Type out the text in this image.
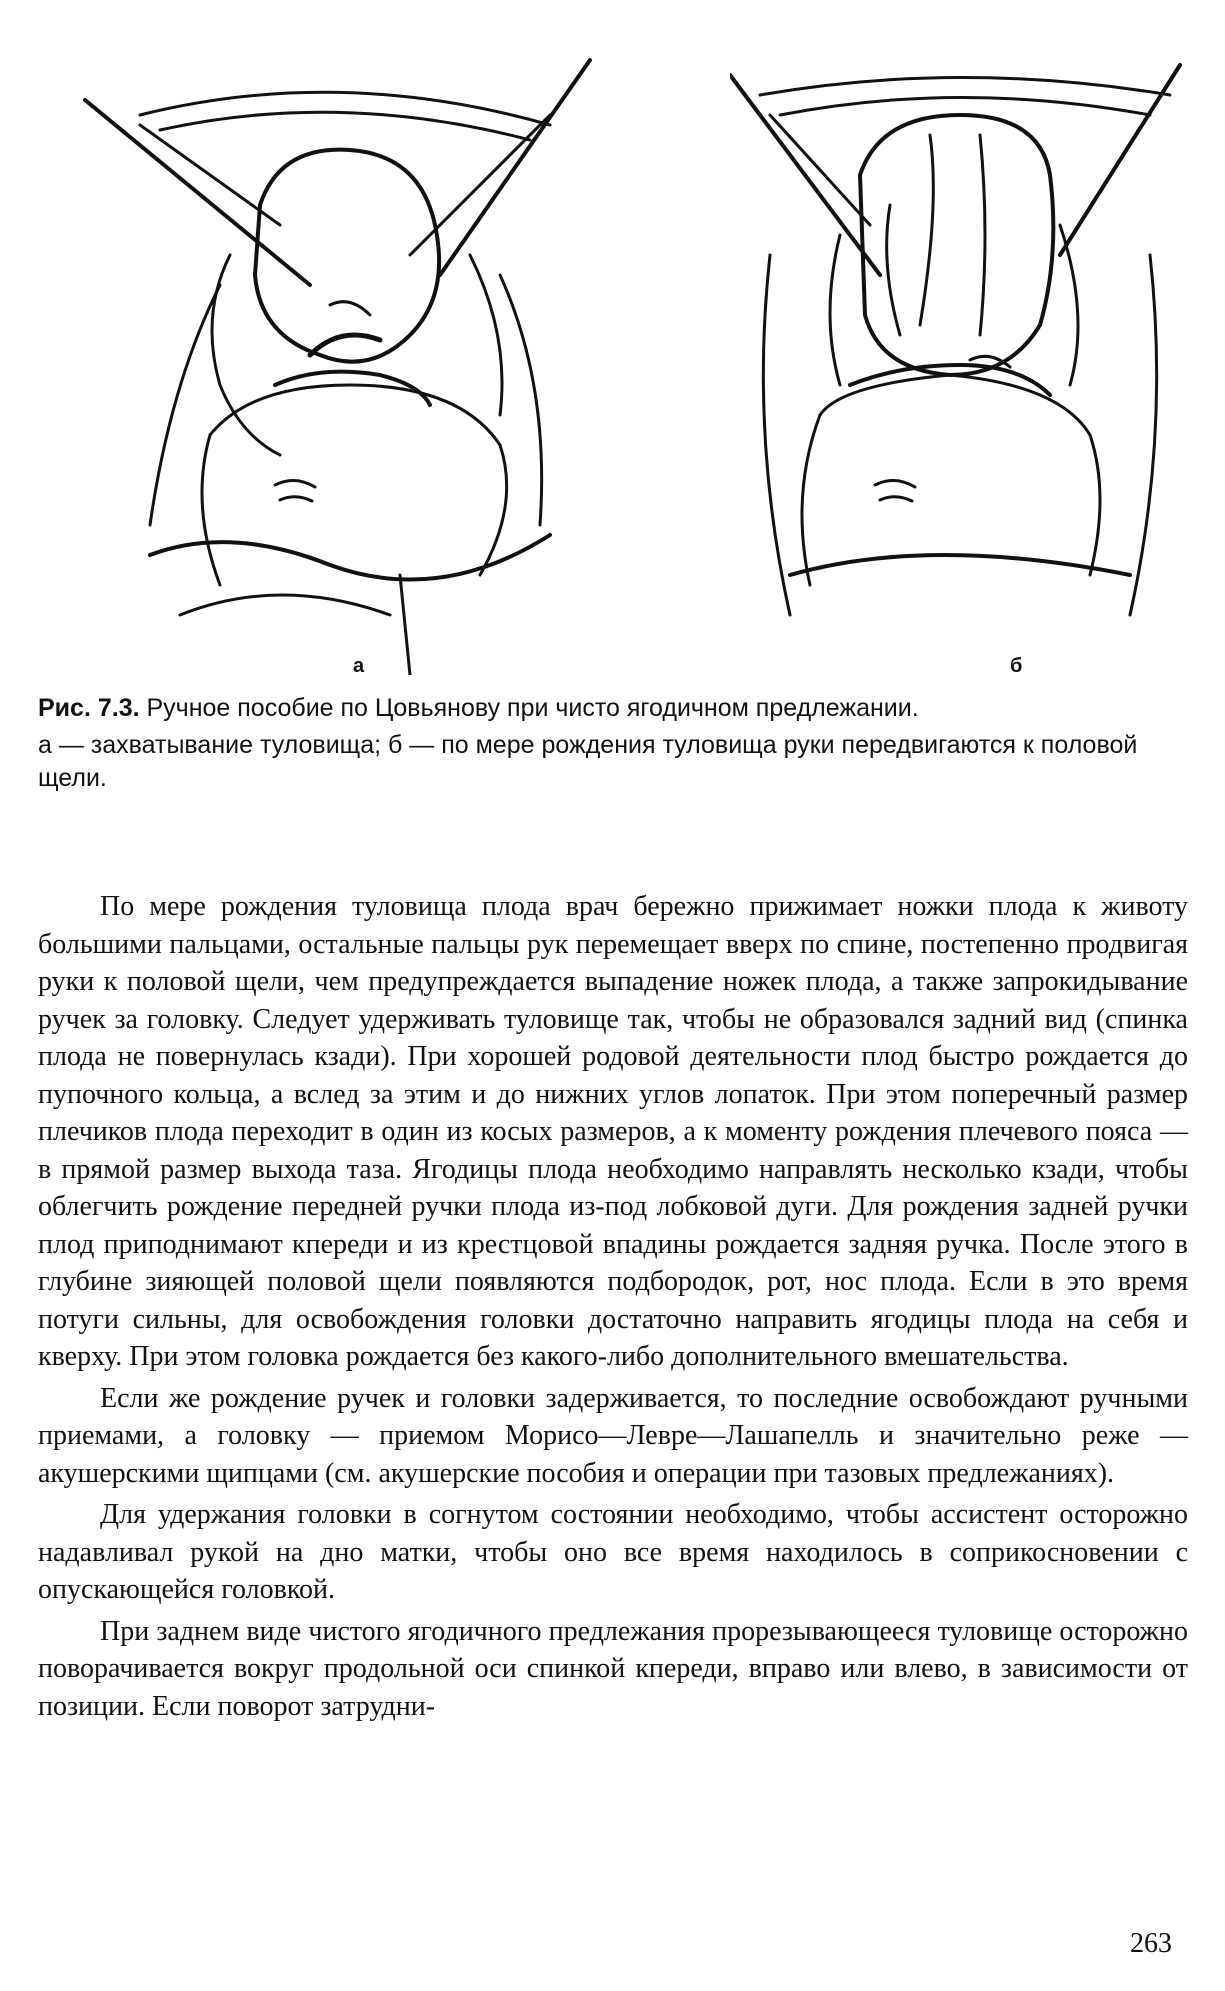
а	б

Рис. 7.3. Ручное пособие по Цовьянову при чисто ягодичном предлежании.

а — захватывание туловища; б — по мере рождения туловища руки передвигаются к половой щели.

По мере рождения туловища плода врач бережно прижимает ножки плода к животу большими пальцами, остальные пальцы рук перемещает вверх по спине, постепенно продвигая руки к половой щели, чем предупреждается выпадение ножек плода, а также запрокидывание ручек за головку. Следует удерживать туловище так, чтобы не образовался задний вид (спинка плода не повернулась кзади). При хорошей родовой деятельности плод быстро рождается до пупочного кольца, а вслед за этим и до нижних углов лопаток. При этом поперечный размер плечиков плода переходит в один из косых размеров, а к моменту рождения плечевого пояса — в прямой размер выхода таза. Ягодицы плода необходимо направлять несколько кзади, чтобы облегчить рождение передней ручки плода из-под лобковой дуги. Для рождения задней ручки плод приподнимают кпереди и из крестцовой впадины рождается задняя ручка. После этого в глубине зияющей половой щели появляются подбородок, рот, нос плода. Если в это время потуги сильны, для освобождения головки достаточно направить ягодицы плода на себя и кверху. При этом головка рождается без какого-либо дополнительного вмешательства.

Если же рождение ручек и головки задерживается, то последние освобождают ручными приемами, а головку — приемом Морисо—Левре—Лашапелль и значительно реже — акушерскими щипцами (см. акушерские пособия и операции при тазовых предлежаниях).

Для удержания головки в согнутом состоянии необходимо, чтобы ассистент осторожно надавливал рукой на дно матки, чтобы оно все время находилось в соприкосновении с опускающейся головкой.

При заднем виде чистого ягодичного предлежания прорезывающееся туловище осторожно поворачивается вокруг продольной оси спинкой кпереди, вправо или влево, в зависимости от позиции. Если поворот затрудни-

263
